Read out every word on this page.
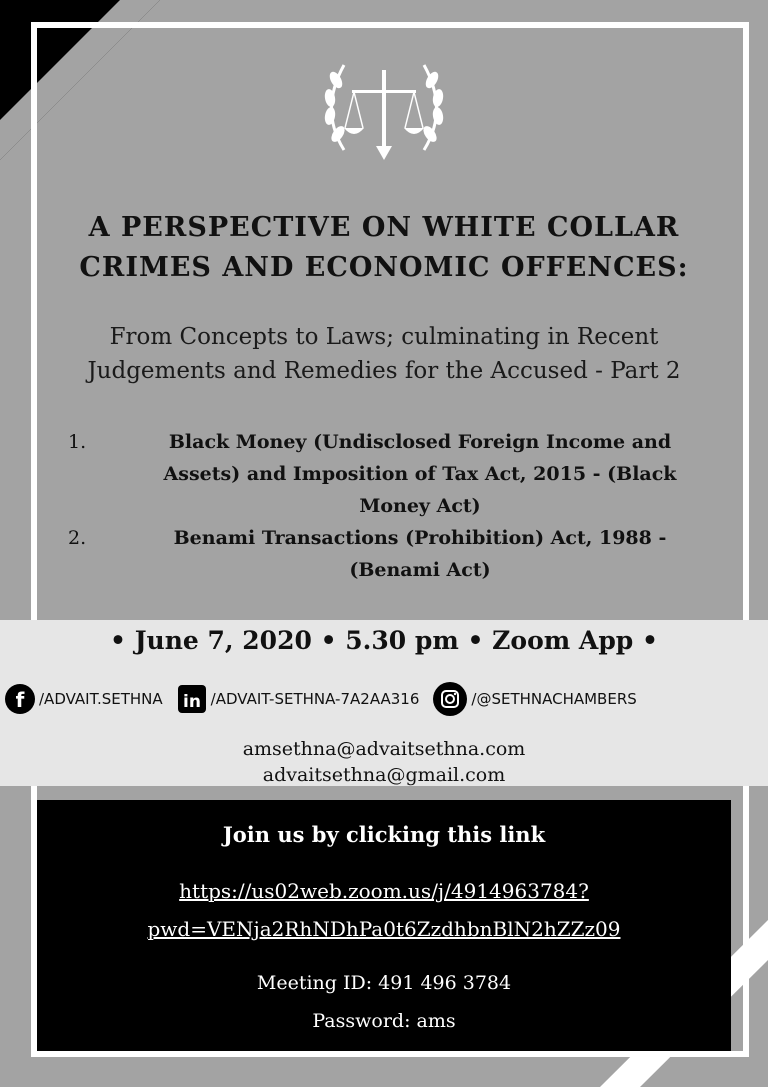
A PERSPECTIVE ON WHITE COLLAR
CRIMES AND ECONOMIC OFFENCES:
From Concepts to Laws; culminating in Recent
Judgements and Remedies for the Accused - Part 2
1.	Black Money (Undisclosed Foreign Income and Assets) and Imposition of Tax Act, 2015 - (Black Money Act)
2.	Benami Transactions (Prohibition) Act, 1988 - (Benami Act)
• June 7, 2020 • 5.30 pm • Zoom App •
f /ADVAIT.SETHNA in /ADVAIT-SETHNA-7A2AA316	/@SETHNACHAMBERS
amsethna@advaitsethna.com
advaitsethna@gmail.com
Join us by clicking this link
https://us02web.zoom.us/j/4914963784?
pwd=VENja2RhNDhPa0t6ZzdhbnBlN2hZZz09
Meeting ID: 491 496 3784
Password: ams
